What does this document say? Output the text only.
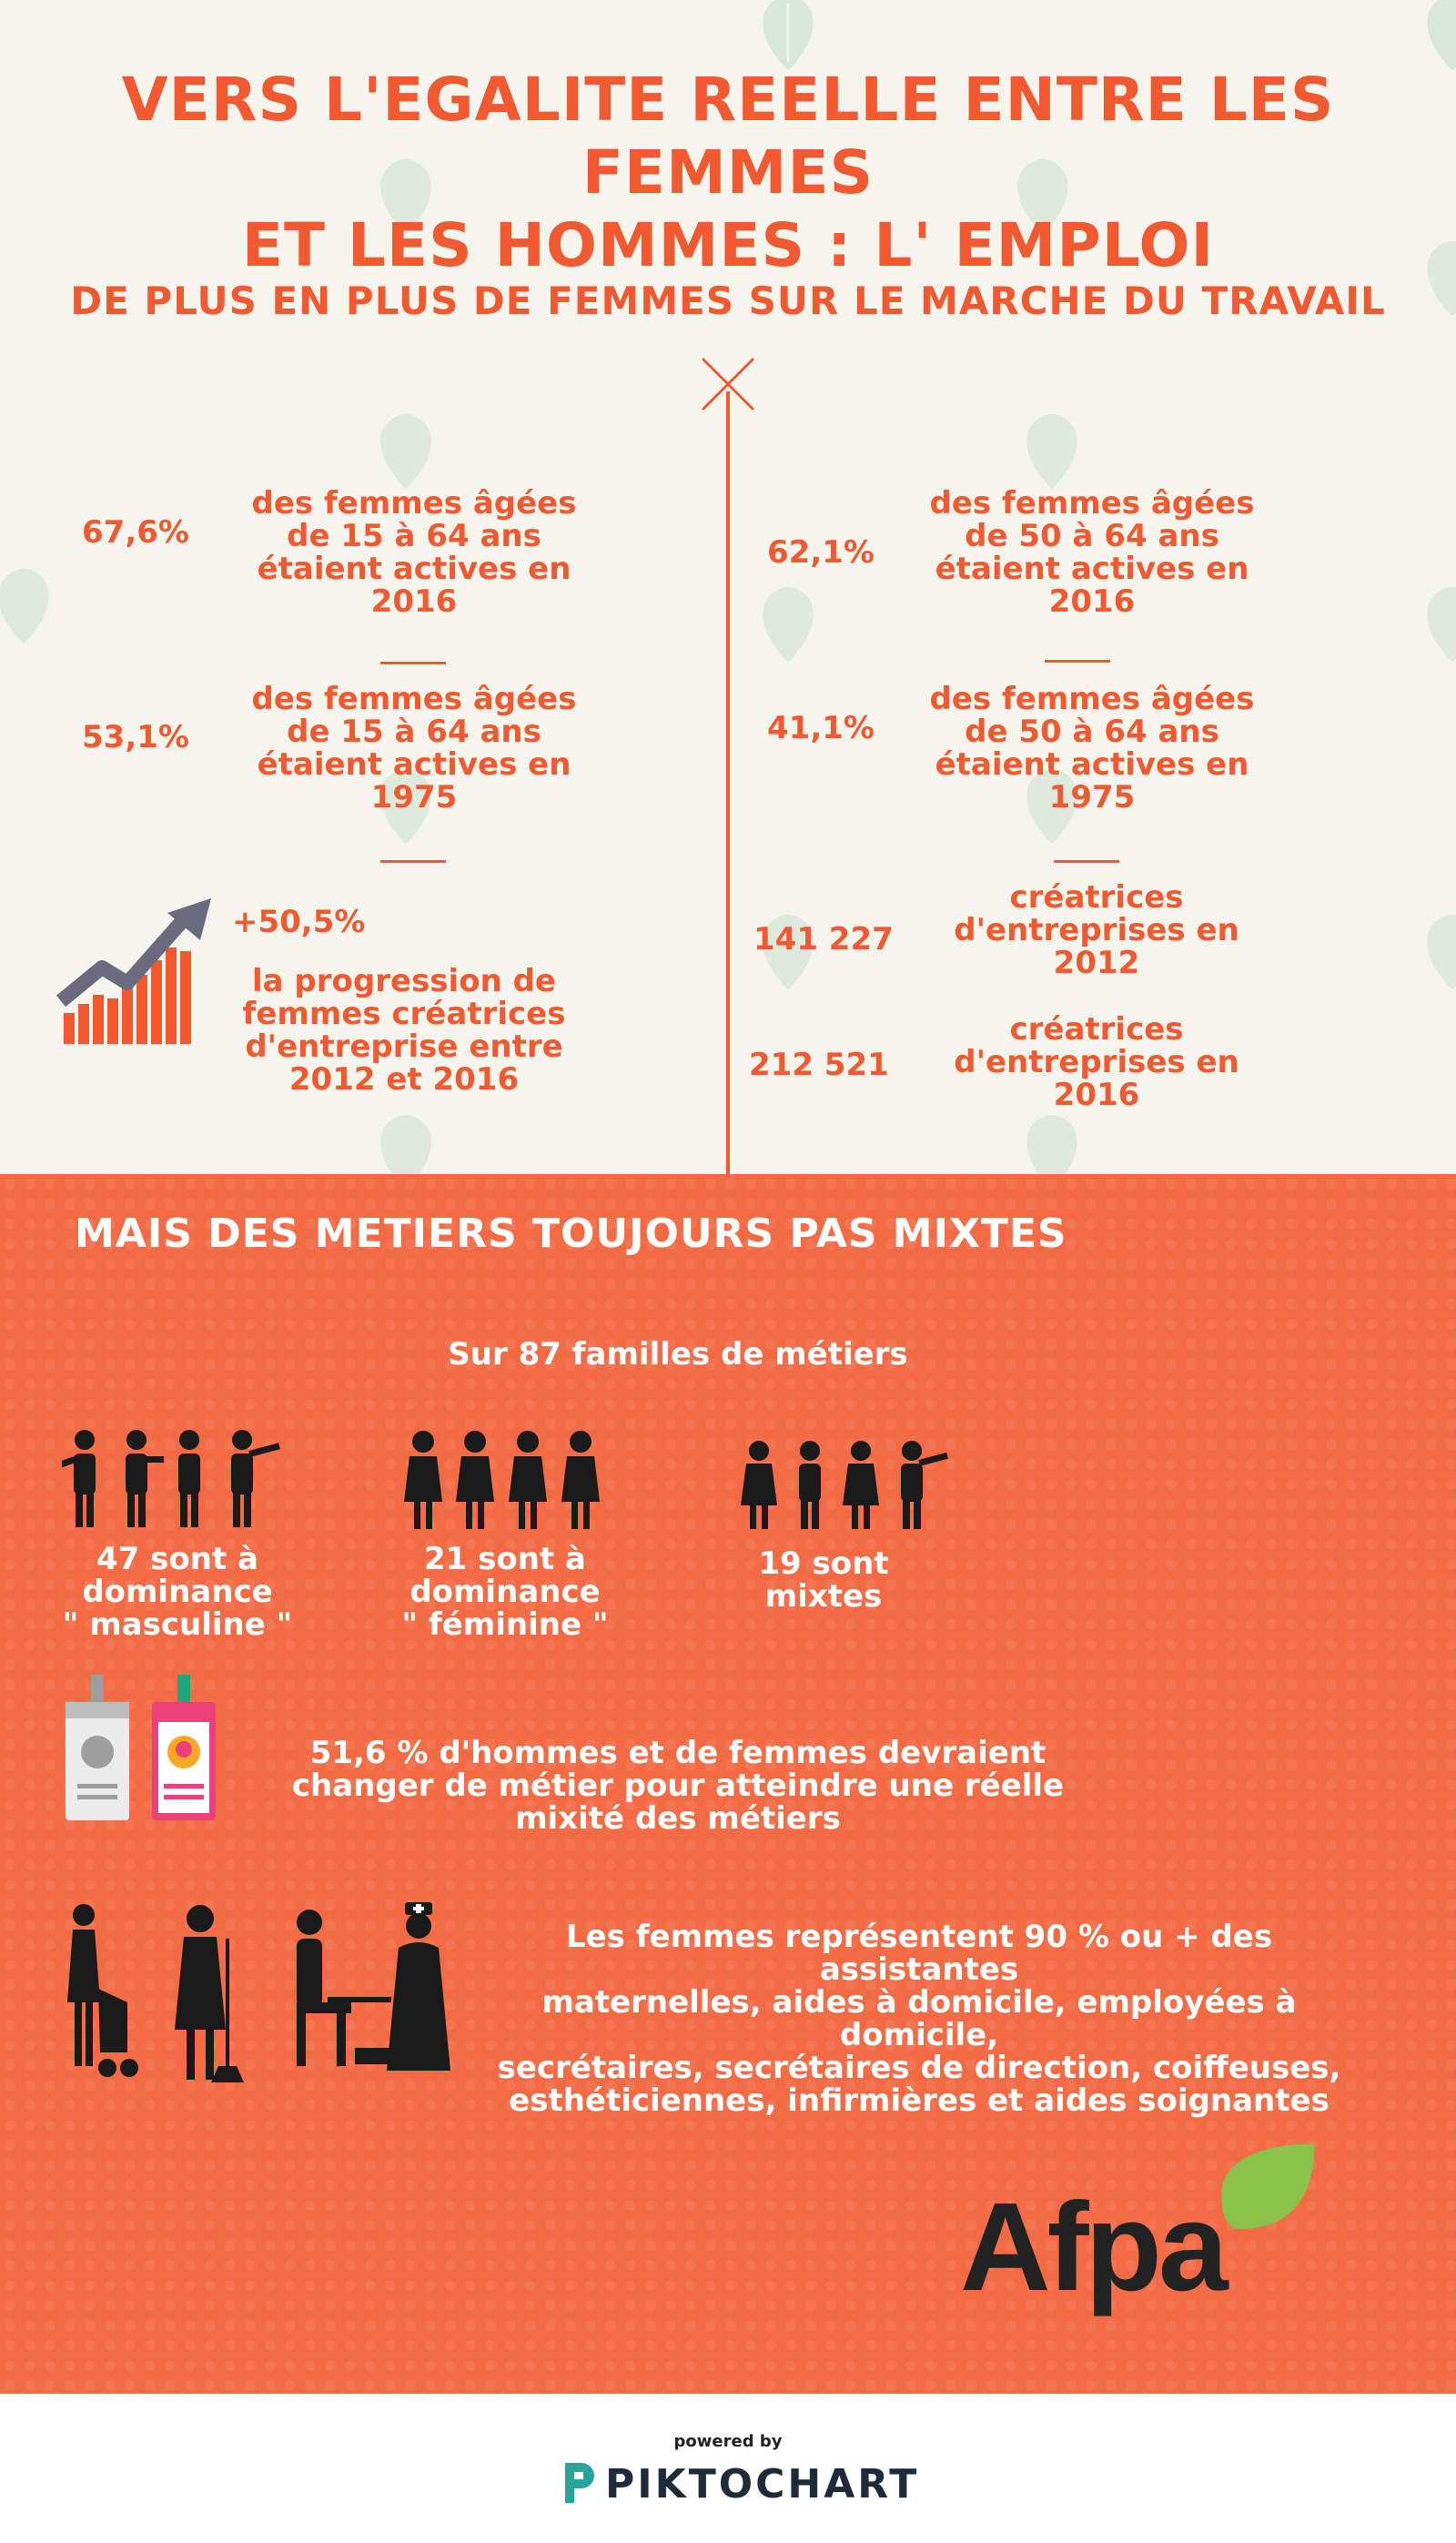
VERS L'EGALITE REELLE ENTRE LES FEMMES
ET LES HOMMES : L' EMPLOI
DE PLUS EN PLUS DE FEMMES SUR LE MARCHE DU TRAVAIL
67,6%
des femmes âgées de 15 à 64 ans étaient actives en 2016
53,1%
des femmes âgées de 15 à 64 ans étaient actives en 1975
+50,5%
la progression de femmes créatrices d'entreprise entre 2012 et 2016
62,1%
des femmes âgées de 50 à 64 ans étaient actives en 2016
41,1%
des femmes âgées de 50 à 64 ans étaient actives en 1975
141 227
créatrices d'entreprises en 2012
212 521
créatrices d'entreprises en 2016
MAIS DES METIERS TOUJOURS PAS MIXTES
Sur 87 familles de métiers
47 sont à
dominance
" masculine "
21 sont à
dominance
" féminine "
19 sont
mixtes
51,6 % d'hommes et de femmes devraient
changer de métier pour atteindre une réelle
mixité des métiers
Les femmes représentent 90 % ou + des assistantes
maternelles, aides à domicile, employées à domicile,
secrétaires, secrétaires de direction, coiffeuses,
esthéticiennes, infirmières et aides soignantes
Afpa
powered by
PIKTOCHART
